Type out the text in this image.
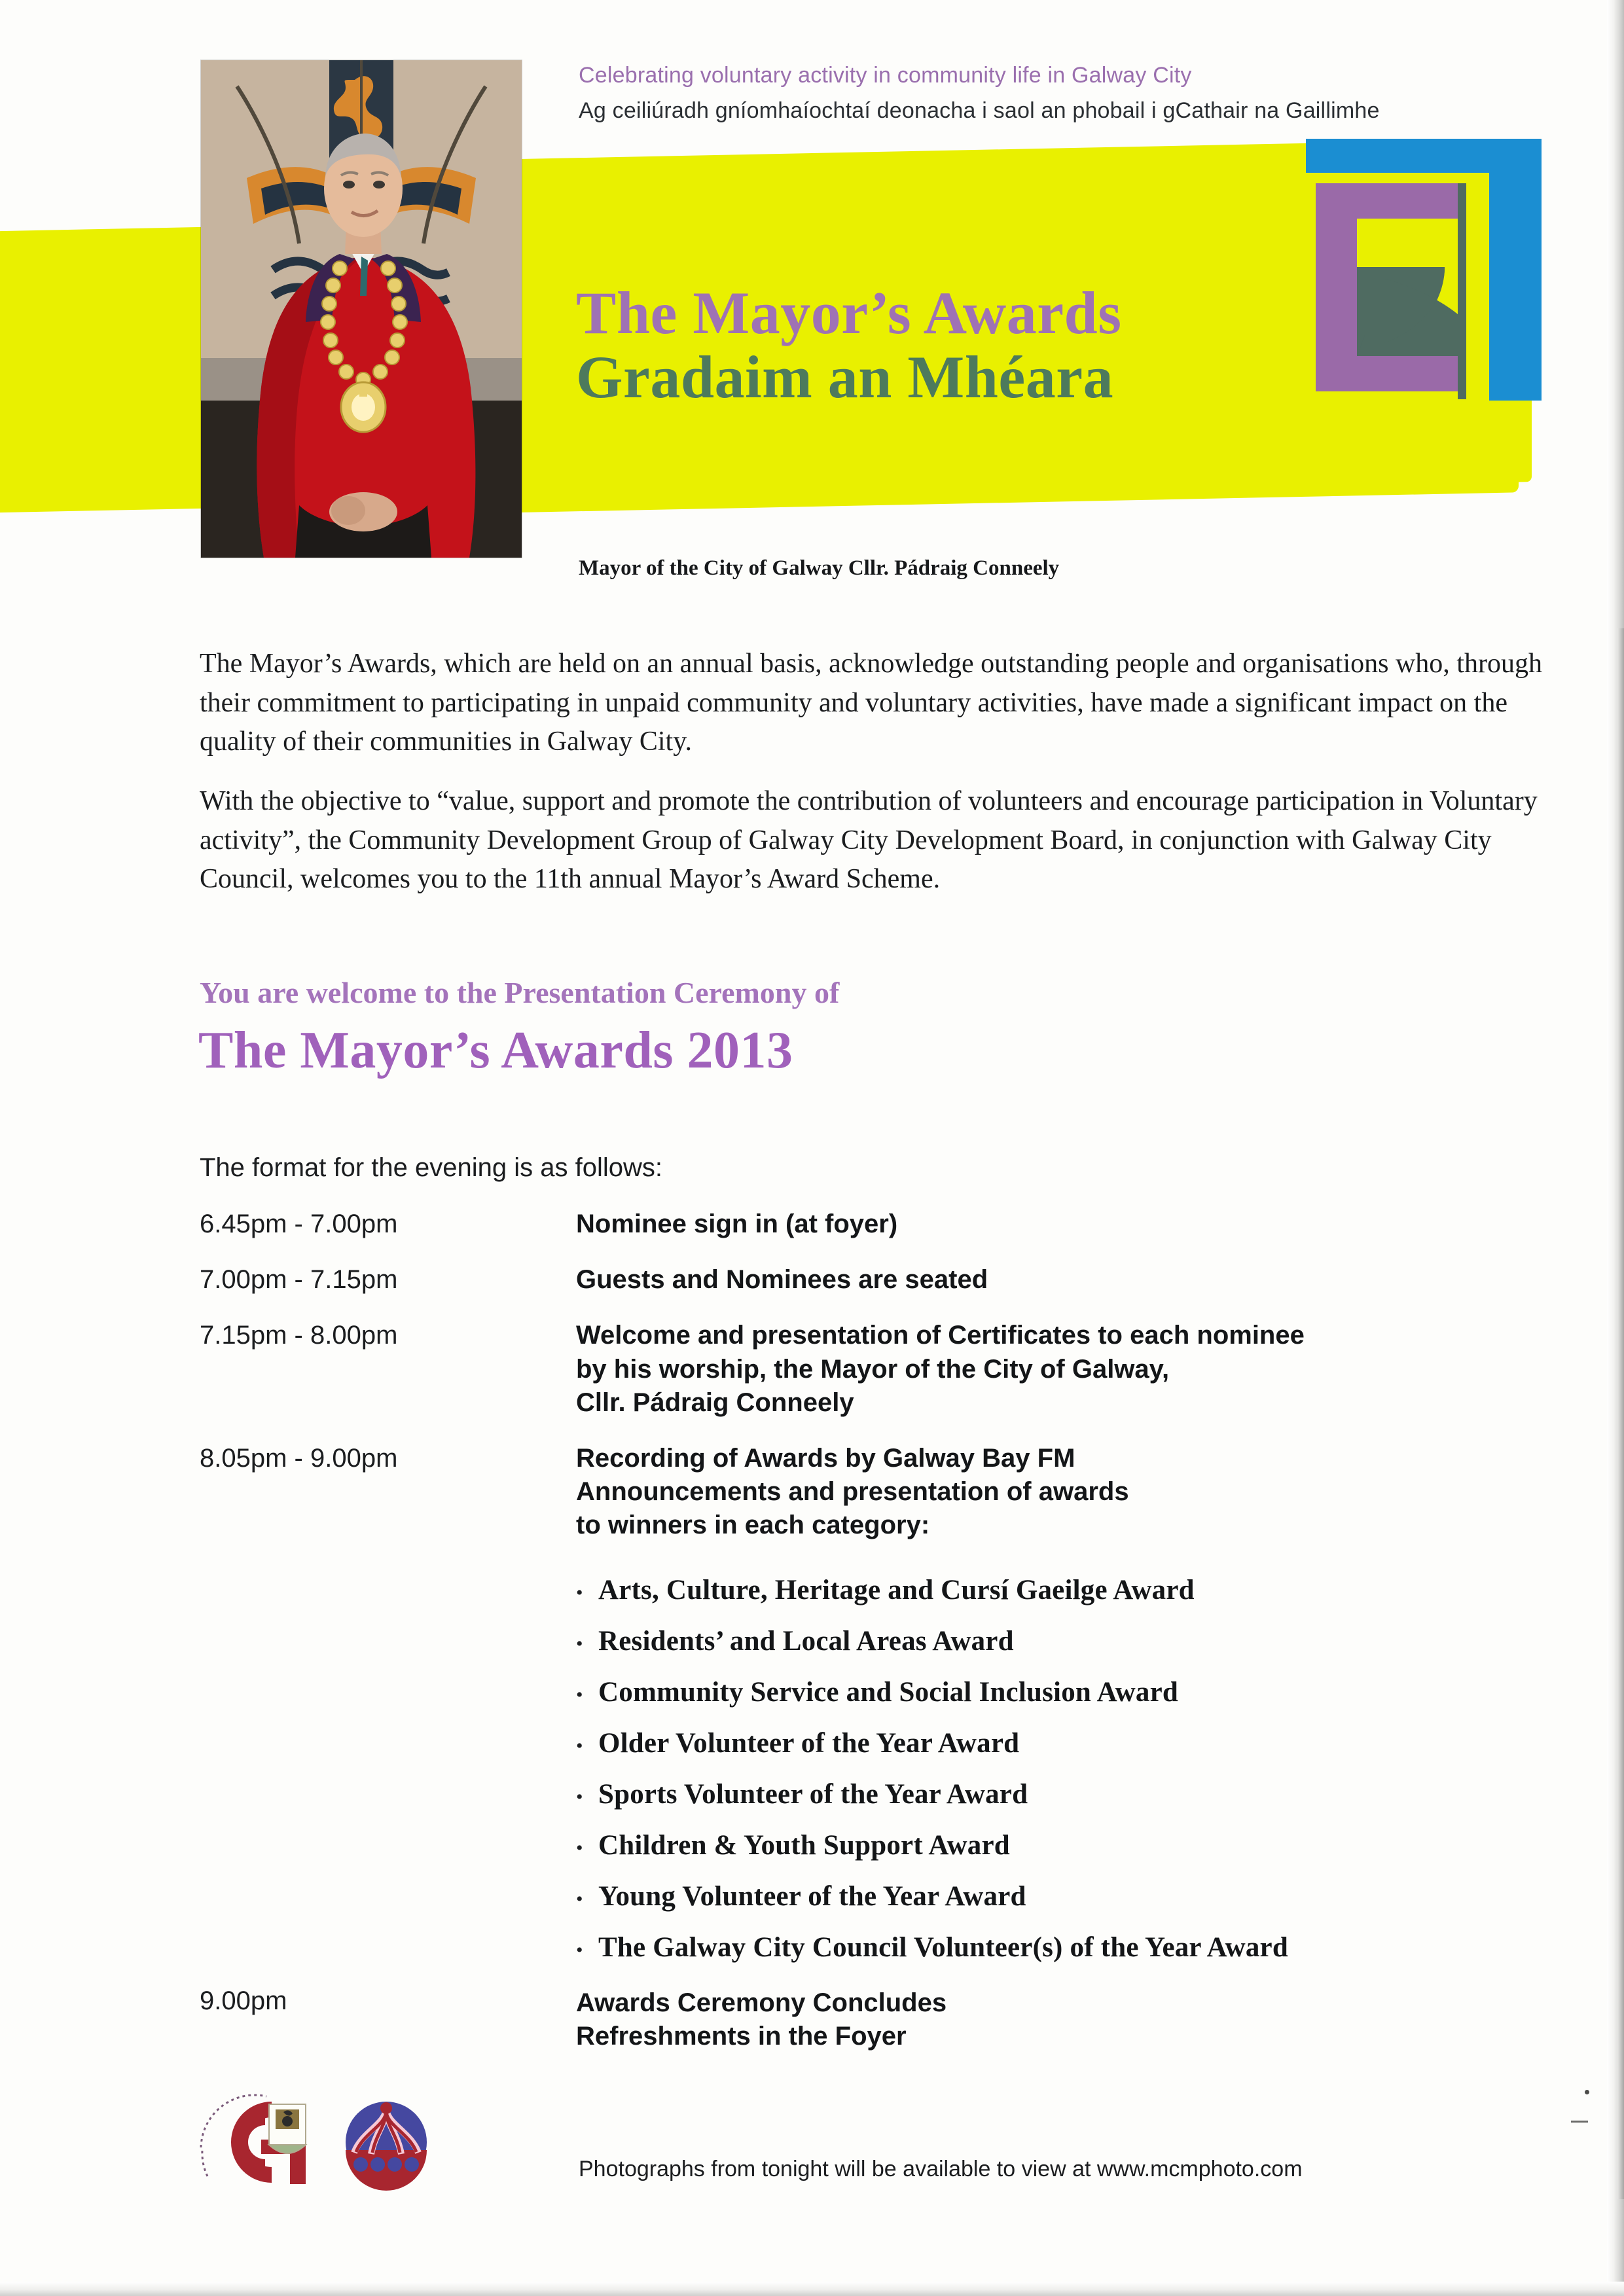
Celebrating voluntary activity in community life in Galway City
Ag ceiliúradh gníomhaíochtaí deonacha i saol an phobail i gCathair na Gaillimhe
The Mayor’s Awards
Gradaim an Mhéara
Mayor of the City of Galway Cllr. Pádraig Conneely
The Mayor’s Awards, which are held on an annual basis, acknowledge outstanding people and organisations who, through their commitment to participating in unpaid community and voluntary activities, have made a significant impact on the quality of their communities in Galway City.
With the objective to “value, support and promote the contribution of volunteers and encourage participation in Voluntary activity”, the Community Development Group of Galway City Development Board, in conjunction with Galway City Council, welcomes you to the 11th annual Mayor’s Award Scheme.
You are welcome to the Presentation Ceremony of
The Mayor’s Awards 2013
The format for the evening is as follows:
6.45pm - 7.00pm	Nominee sign in (at foyer)
7.00pm - 7.15pm	Guests and Nominees are seated
7.15pm - 8.00pm	Welcome and presentation of Certificates to each nominee
by his worship, the Mayor of the City of Galway,
Cllr. Pádraig Conneely
8.05pm - 9.00pm	Recording of Awards by Galway Bay FM
Announcements and presentation of awards
to winners in each category:
• Arts, Culture, Heritage and Cursí Gaeilge Award
• Residents’ and Local Areas Award
• Community Service and Social Inclusion Award
• Older Volunteer of the Year Award
• Sports Volunteer of the Year Award
• Children & Youth Support Award
• Young Volunteer of the Year Award
• The Galway City Council Volunteer(s) of the Year Award
9.00pm	Awards Ceremony Concludes
Refreshments in the Foyer
Photographs from tonight will be available to view at www.mcmphoto.com
